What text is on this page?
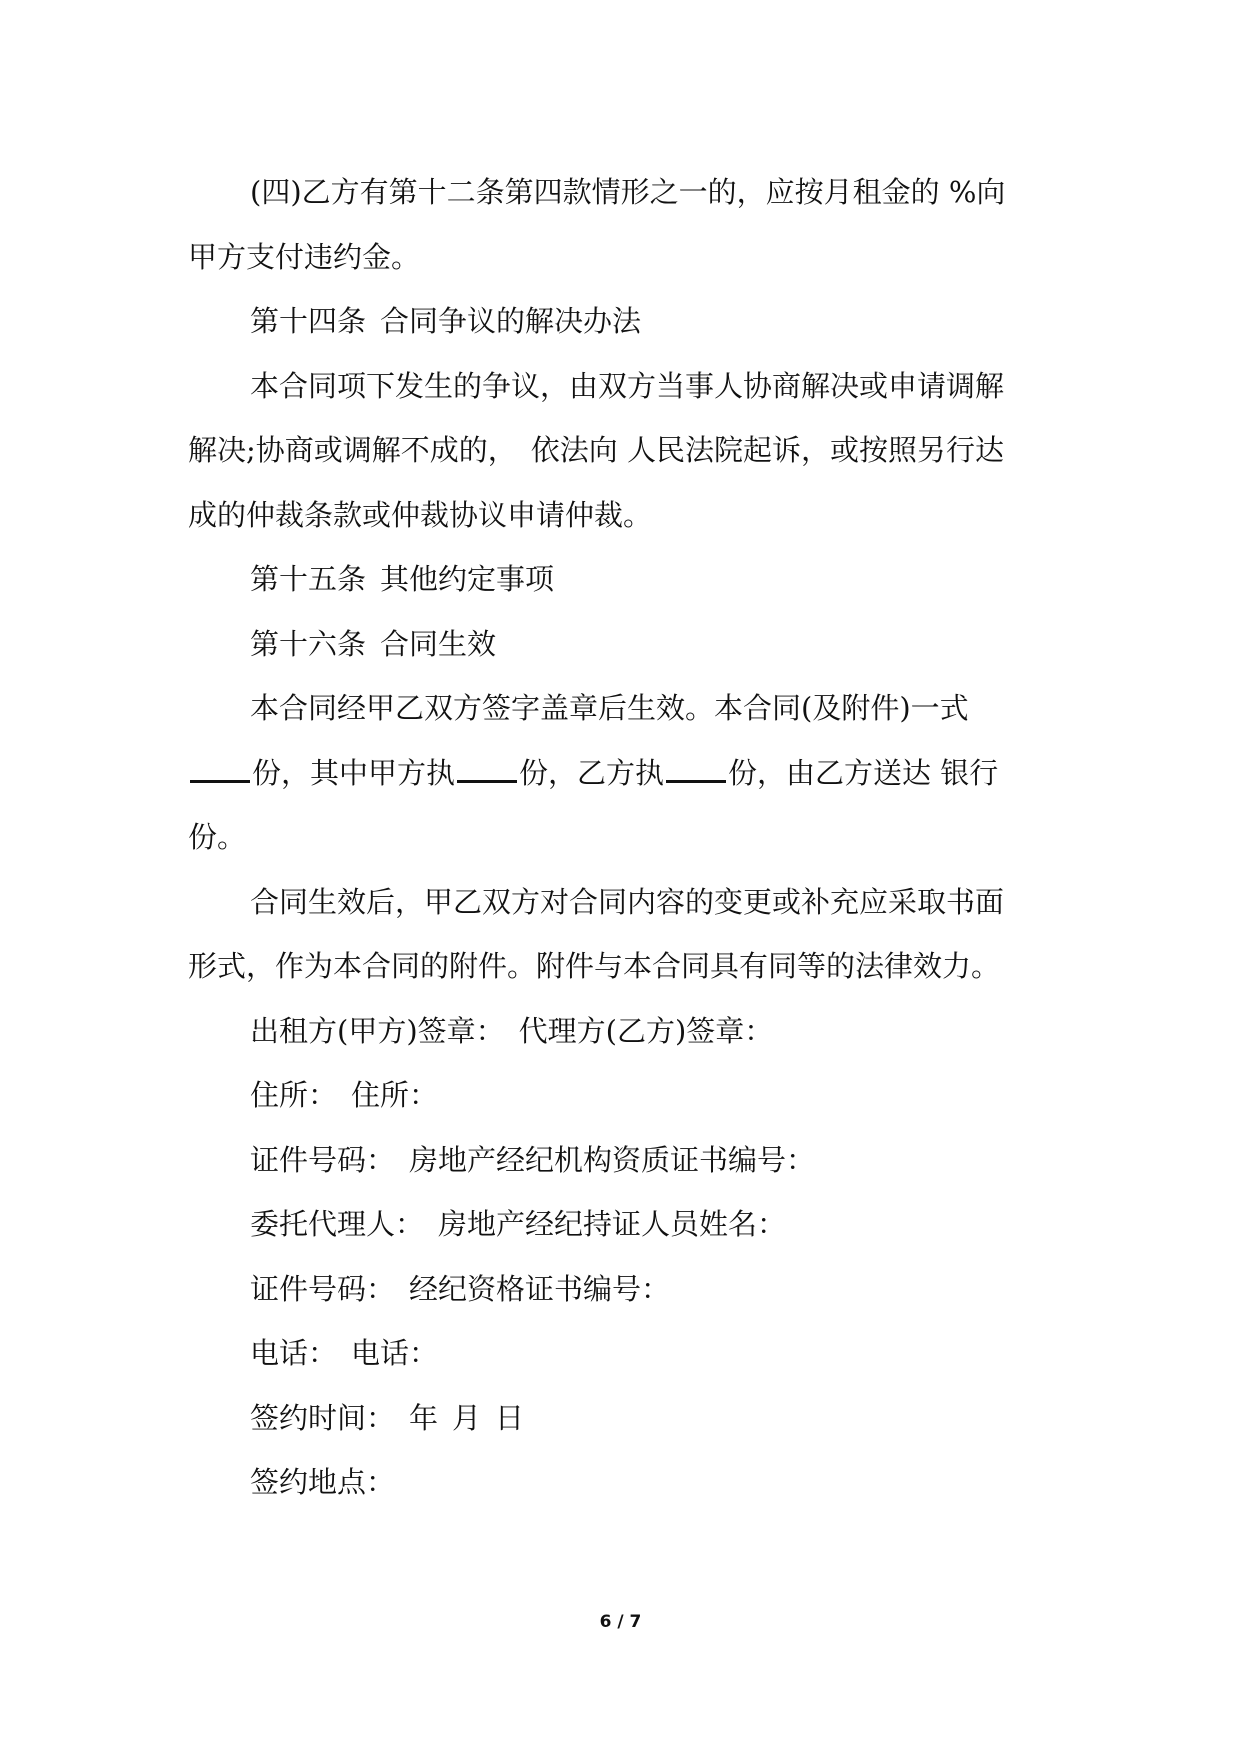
(四)乙方有第十二条第四款情形之一的，应按月租金的 %向

甲方支付违约金。

第十四条 合同争议的解决办法

本合同项下发生的争议，由双方当事人协商解决或申请调解

解决;协商或调解不成的， 依法向 人民法院起诉，或按照另行达

成的仲裁条款或仲裁协议申请仲裁。

第十五条 其他约定事项

第十六条 合同生效

本合同经甲乙双方签字盖章后生效。本合同(及附件)一式

份，其中甲方执 份，乙方执 份，由乙方送达 银行

份。

合同生效后，甲乙双方对合同内容的变更或补充应采取书面

形式，作为本合同的附件。附件与本合同具有同等的法律效力。

出租方(甲方)签章： 代理方(乙方)签章：

住所： 住所：

证件号码： 房地产经纪机构资质证书编号：

委托代理人： 房地产经纪持证人员姓名：

证件号码： 经纪资格证书编号：

电话： 电话：

签约时间： 年 月 日

签约地点：

6 / 7
